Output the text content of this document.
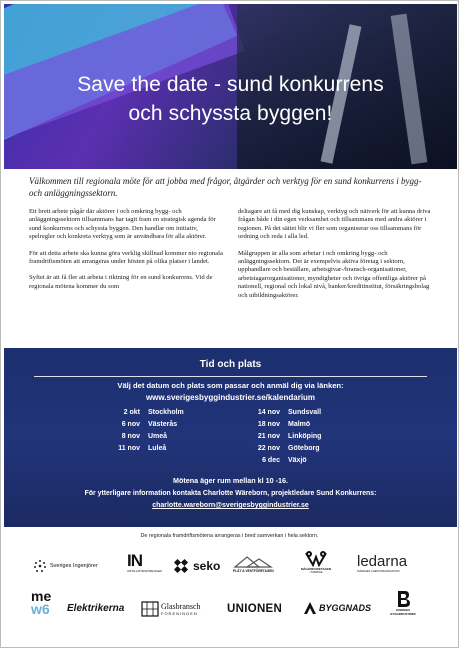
Save the date - sund konkurrens
och schyssta byggen!
Välkommen till regionala möte för att jobba med frågor, åtgärder och verktyg för en sund konkurrens i bygg- och anläggningssektorn.

Ett brett arbete pågår där aktörer i och omkring bygg- och anläggningssektorn tillsammans har tagit fram en strategisk agenda för sund konkurrens och schyssta byggen. Den handlar om initiativ, spelregler och konkreta verktyg som är användbara för alla aktörer.

För att detta arbete ska kunna göra verklig skillnad kommer nio regionala framdriftsmöten att arrangeras under hösten på olika platser i landet.

Syftet är att få fler att arbeta i riktning för en sund konkurrens. Vid de regionala mötena kommer du som

deltagare att få med dig kunskap, verktyg och nätverk för att kunna driva frågan både i din egen verksamhet och tillsammans med andra aktörer i regionen. På det sättet blir vi fler som organiserar oss tillsammans för ordning och reda i alla led.

Målgruppen är alla som arbetar i och omkring bygg- och anläggningssektorn. Det är exempelvis aktiva företag i sektorn, upphandlare och beställare, arbetsgivar-/bransch-organisationer, arbetstagarorganisationer, myndigheter och övriga offentliga aktörer på nationell, regional och lokal nivå, banker/kreditinstitut, försäkringsbolag och utbildningsaktörer.

Tid och plats
Välj det datum och plats som passar och anmäl dig via länken:
www.sverigesbyggindustrier.se/kalendarium
2 okt Stockholm
6 nov Västerås
8 nov Umeå
11 nov Luleå
14 nov Sundsvall
18 nov Malmö
21 nov Linköping
22 nov Göteborg
6 dec Växjö
Mötena äger rum mellan kl 10 -16.
För ytterligare information kontakta Charlotte Wäreborn, projektledare Sund Konkurrens:
charlotte.wareborn@sverigesbyggindustrier.se
De regionala framdriftsmötena arrangeras i bred samverkan i hela sektorn.
Sveriges Ingenjörer IN
INSTALLATÖRSFÖRETAGEN	seko	PLÅT & VENTFÖRETAGEN	MÅLERIFÖRETAGEN
I SVERIGE
ledarna
SVERIGES CHEFSORGANISATION
me
w6 Elektrikerna	Glasbransch
FÖRENINGEN	UNIONEN	BYGGNADS	SVERIGES BYGGINDUSTRIER
